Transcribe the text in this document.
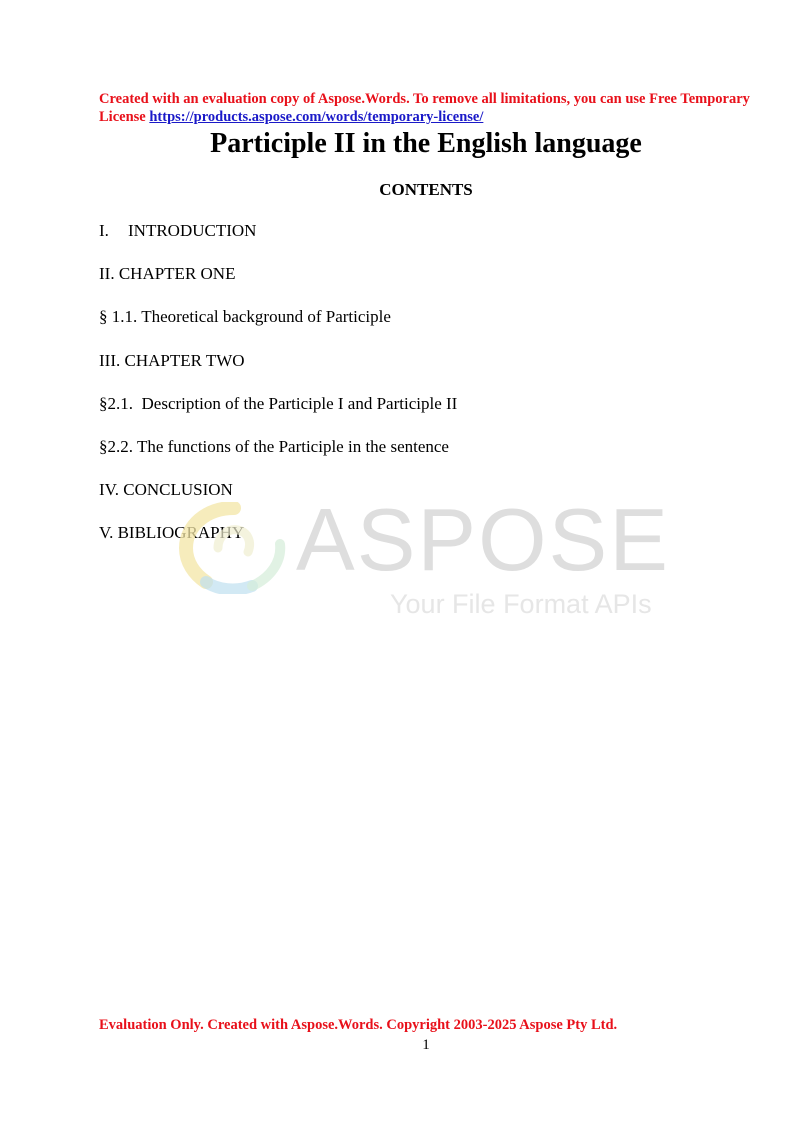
Created with an evaluation copy of Aspose.Words. To remove all limitations, you can use Free Temporary License https://products.aspose.com/words/temporary-license/
Participle II in the English language
CONTENTS
I. INTRODUCTION
II. CHAPTER ONE
§ 1.1. Theoretical background of Participle
III. CHAPTER TWO
§2.1.  Description of the Participle I and Participle II
§2.2. The functions of the Participle in the sentence
IV. CONCLUSION
V. BIBLIOGRAPHY ASPOSE
Your File Format APIs
Evaluation Only. Created with Aspose.Words. Copyright 2003-2025 Aspose Pty Ltd.
1
